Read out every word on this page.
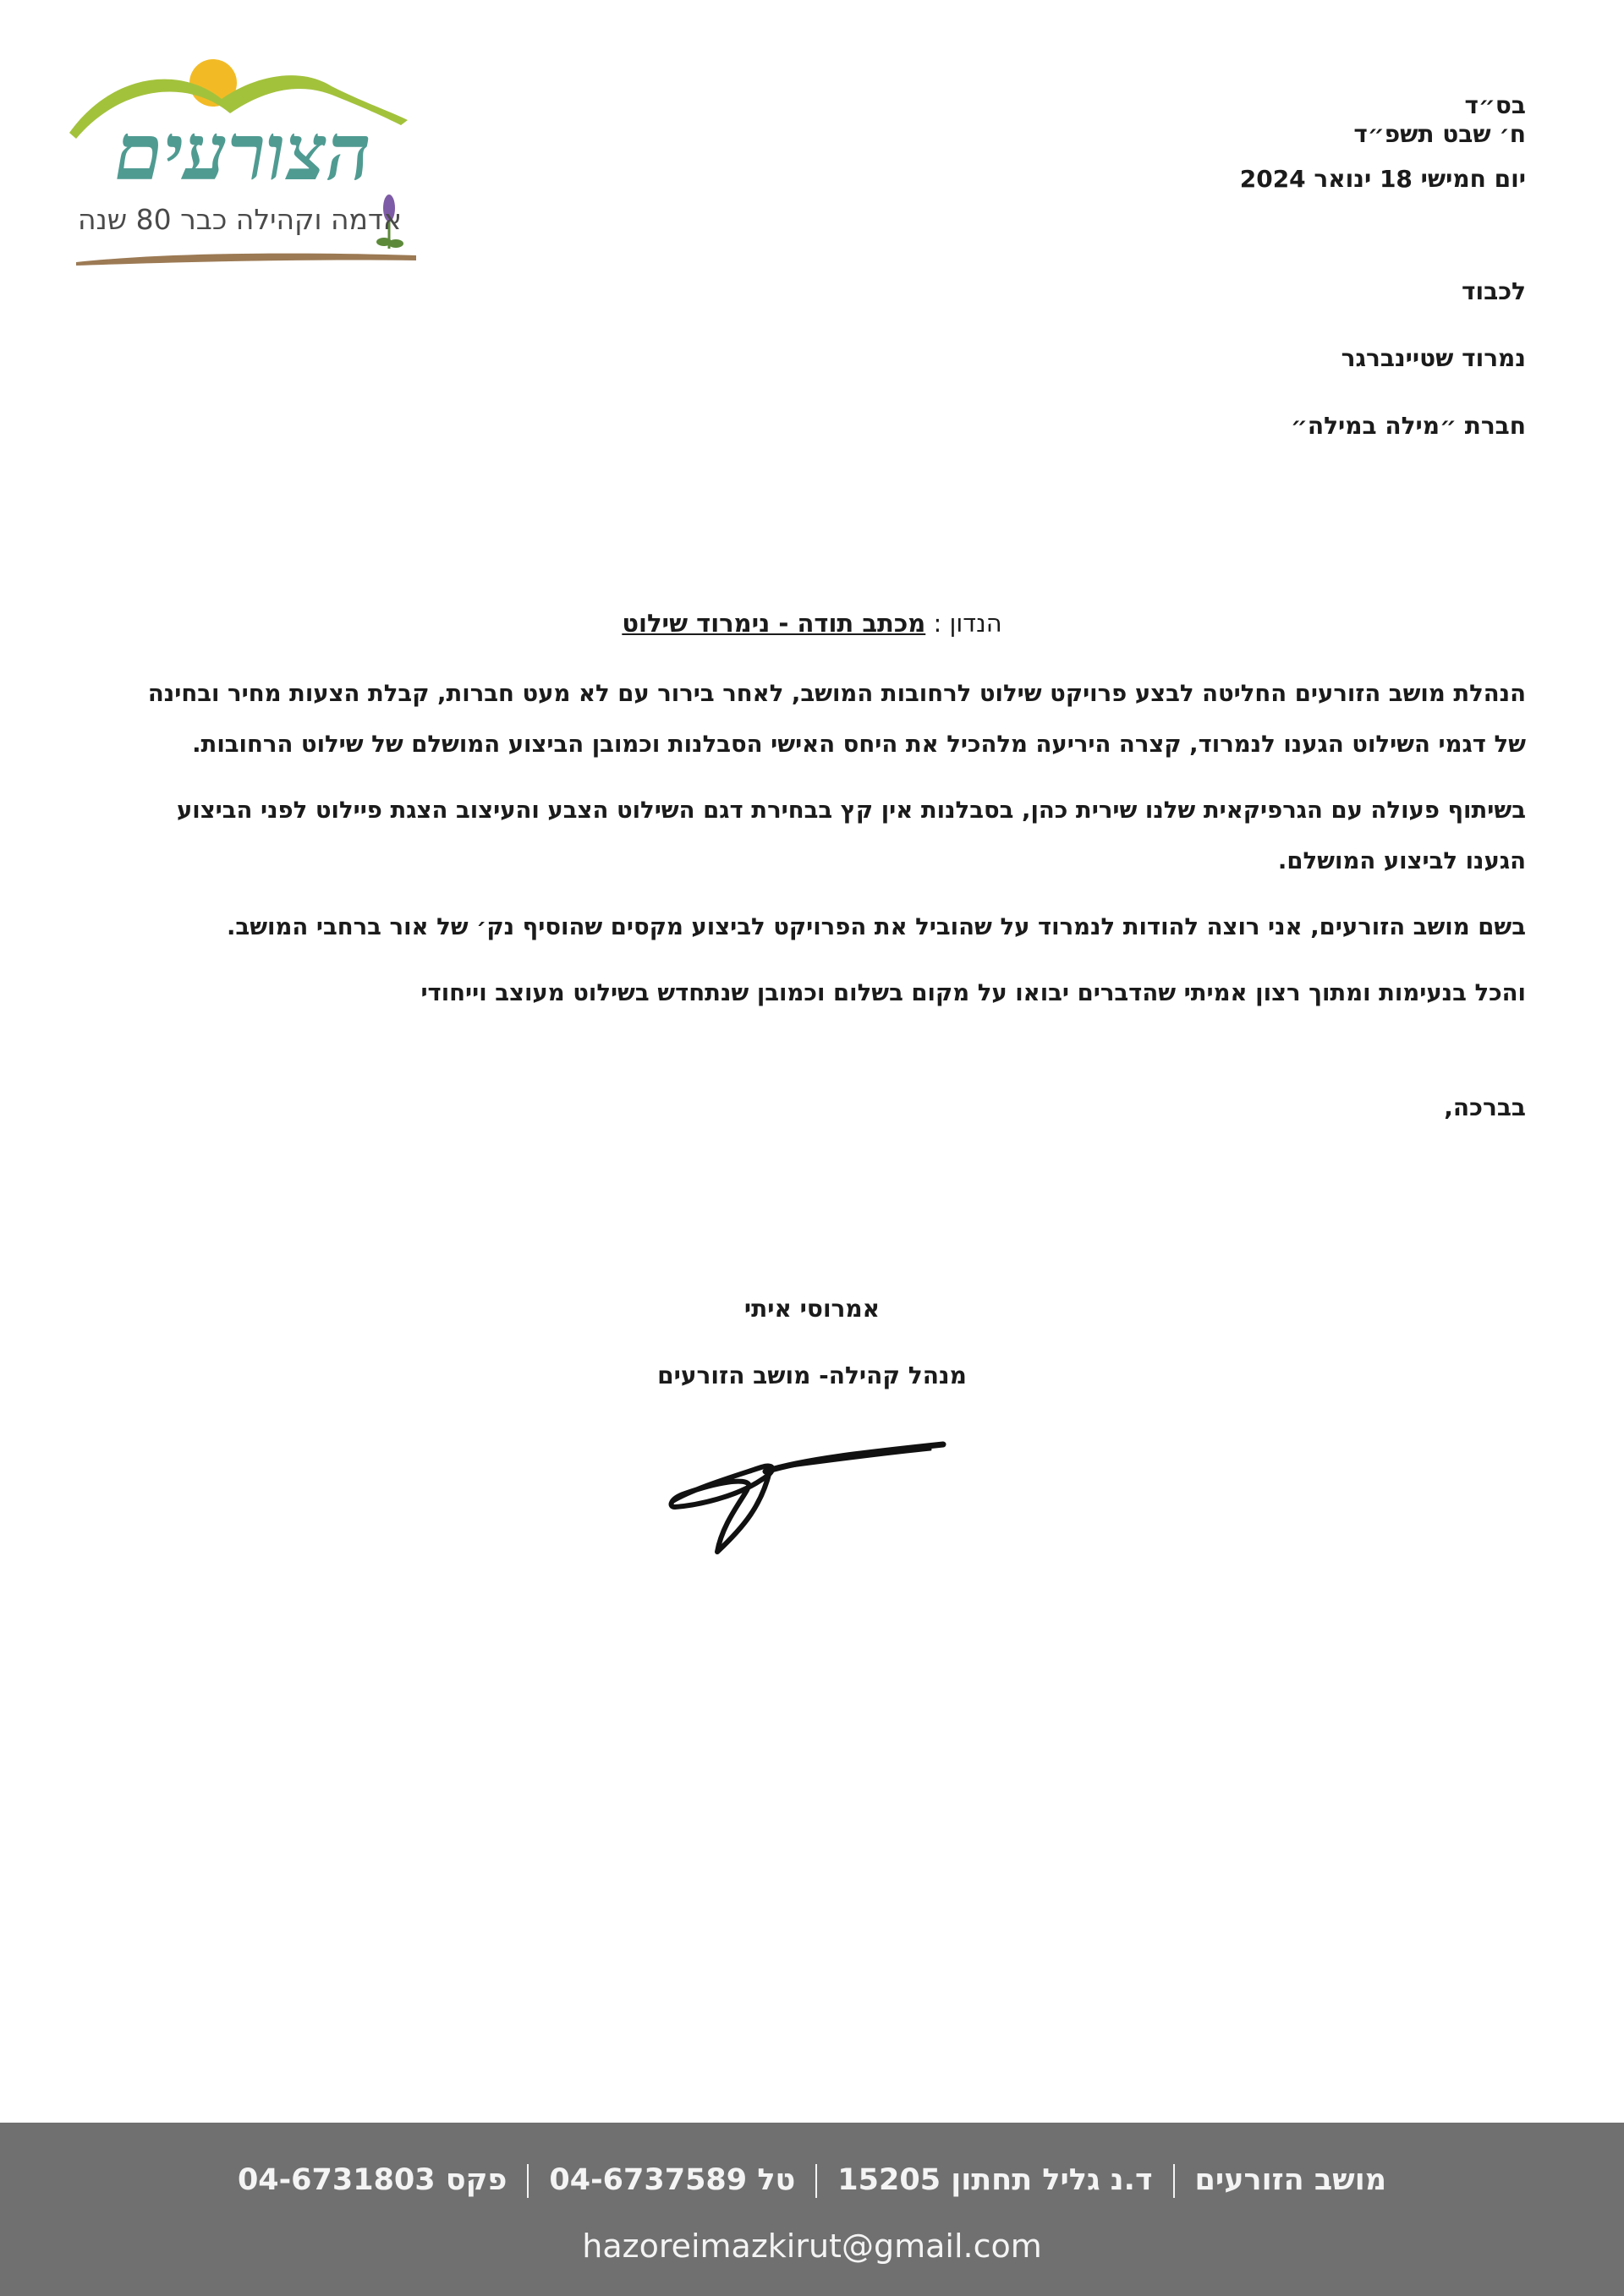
הצורעים
אדמה וקהילה כבר 80 שנה
בס״ד
ח׳ שבט תשפ״ד
יום חמישי 18 ינואר 2024
לכבוד
נמרוד שטיינברגר
חברת ״מילה במילה״
הנדון : מכתב תודה - נימרוד שילוט

הנהלת מושב הזורעים החליטה לבצע פרויקט שילוט לרחובות המושב, לאחר בירור עם לא מעט חברות, קבלת הצעות מחיר ובחינה של דגמי השילוט הגענו לנמרוד, קצרה היריעה מלהכיל את היחס האישי הסבלנות וכמובן הביצוע המושלם של שילוט הרחובות.

בשיתוף פעולה עם הגרפיקאית שלנו שירית כהן, בסבלנות אין קץ בבחירת דגם השילוט הצבע והעיצוב הצגת פיילוט לפני הביצוע הגענו לביצוע המושלם.

בשם מושב הזורעים, אני רוצה להודות לנמרוד על שהוביל את הפרויקט לביצוע מקסים שהוסיף נק׳ של אור ברחבי המושב.

והכל בנעימות ומתוך רצון אמיתי שהדברים יבואו על מקום בשלום וכמובן שנתחדש בשילוט מעוצב וייחודי

בברכה,
אמרוסי איתי
מנהל קהילה- מושב הזורעים
מושב הזורעיםד.נ גליל תחתון 15205טל 04-6737589פקס 04-6731803
hazoreimazkirut@gmail.com
